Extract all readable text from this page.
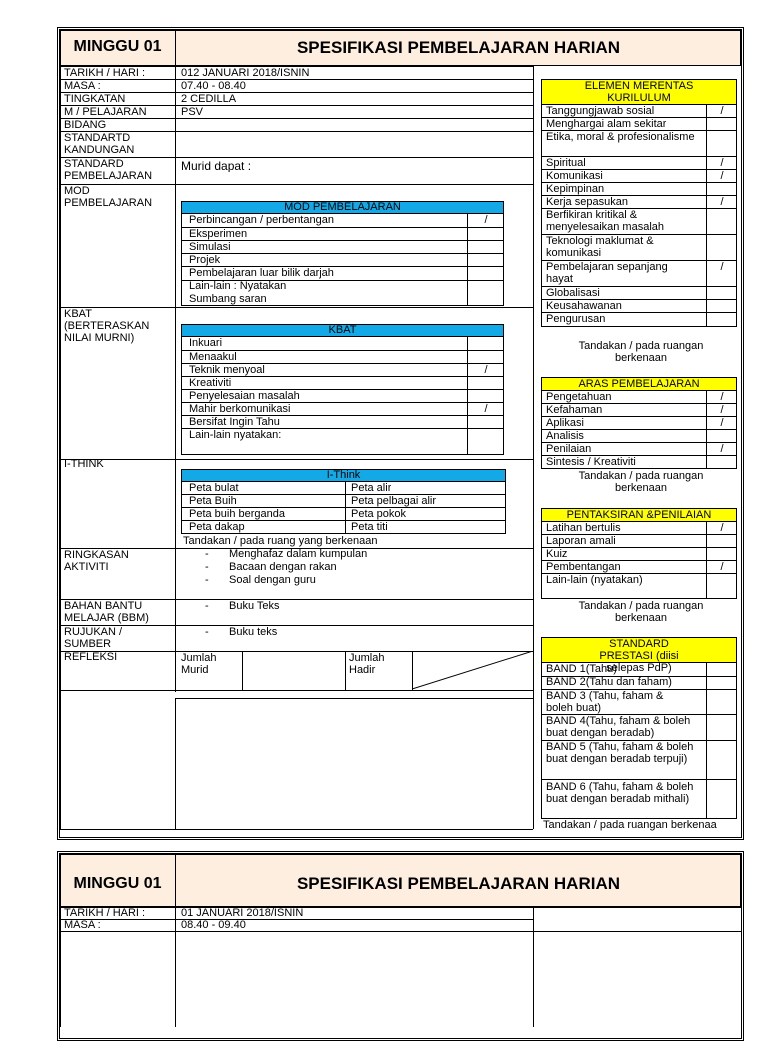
MINGGU 01	SPESIFIKASI PEMBELAJARAN HARIAN
TARIKH / HARI :
MASA :
TINGKATAN
M / PELAJARAN
BIDANG
STANDARTD KANDUNGAN
STANDARD PEMBELAJARAN
MOD PEMBELAJARAN
KBAT (BERTERASKAN NILAI MURNI)
I-THINK
RINGKASAN AKTIVITI
BAHAN BANTU MELAJAR (BBM)
RUJUKAN / SUMBER
REFLEKSI
012 JANUARI 2018/ISNIN
07.40 - 08.40
2 CEDILLA
PSV
Murid dapat :
MOD PEMBELAJARAN
Perbincangan / perbentangan
Eksperimen
Simulasi
Projek
Pembelajaran luar bilik darjah
Lain-lain : Nyatakan
Sumbang saran
/
KBAT
Inkuari
Menaakul
Teknik menyoal
Kreativiti
Penyelesaian masalah
Mahir berkomunikasi
Bersifat Ingin Tahu
Lain-lain nyatakan:
/
/
I-Think
Peta bulat
Peta Buih
Peta buih berganda
Peta dakap
Peta alir
Peta pelbagai alir
Peta pokok
Peta titi
Tandakan / pada ruang yang berkenaan
-
-
-
Menghafaz dalam kumpulan
Bacaan dengan rakan
Soal dengan guru
- Buku Teks
- Buku teks
Jumlah Murid
Jumlah Hadir
ELEMEN MERENTAS KURILULUM
Tanggungjawab sosial
Menghargai alam sekitar
Etika, moral & profesionalisme
Spiritual
Komunikasi
Kepimpinan
Kerja sepasukan
Berfikiran kritikal & menyelesaikan masalah
Teknologi maklumat & komunikasi
Pembelajaran sepanjang hayat
Globalisasi
Keusahawanan
Pengurusan
/
/
/
/
/
Tandakan / pada ruangan berkenaan
ARAS PEMBELAJARAN
Pengetahuan
Kefahaman
Aplikasi
Analisis
Penilaian
Sintesis / Kreativiti
/
/
/
/
Tandakan / pada ruangan berkenaan
PENTAKSIRAN &PENILAIAN
Latihan bertulis
Laporan amali
Kuiz
Pembentangan
Lain-lain (nyatakan)
/
/
Tandakan / pada ruangan berkenaan
STANDARD PRESTASI (diisi selepas PdP)
BAND 1(Tahu)
BAND 2(Tahu dan faham)
BAND 3 (Tahu, faham & boleh buat)
BAND 4(Tahu, faham & boleh buat dengan beradab)
BAND 5 (Tahu, faham & boleh buat dengan beradab terpuji)
BAND 6 (Tahu, faham & boleh buat dengan beradab mithali)
Tandakan / pada ruangan berkenaa
MINGGU 01	SPESIFIKASI PEMBELAJARAN HARIAN
TARIKH / HARI :
MASA :
01 JANUARI 2018/ISNIN
08.40 - 09.40
